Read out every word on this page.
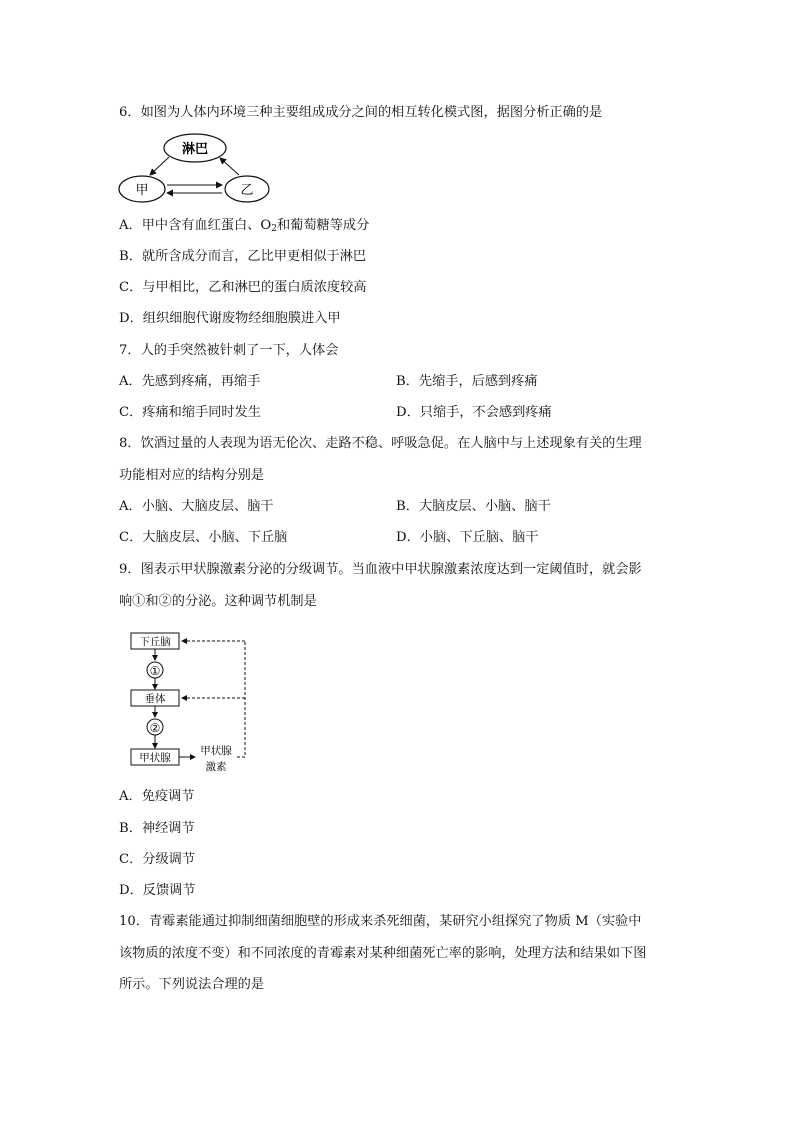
6．如图为人体内环境三种主要组成成分之间的相互转化模式图，据图分析正确的是
淋巴
甲	乙
A．甲中含有血红蛋白、$O_2$和葡萄糖等成分
B．就所含成分而言，乙比甲更相似于淋巴
C．与甲相比，乙和淋巴的蛋白质浓度较高
D．组织细胞代谢废物经细胞膜进入甲
7．人的手突然被针刺了一下，人体会
A．先感到疼痛，再缩手	B．先缩手，后感到疼痛
C．疼痛和缩手同时发生	D．只缩手，不会感到疼痛
8．饮酒过量的人表现为语无伦次、走路不稳、呼吸急促。在人脑中与上述现象有关的生理
功能相对应的结构分别是
A．小脑、大脑皮层、脑干	B．大脑皮层、小脑、脑干
C．大脑皮层、小脑、下丘脑	D．小脑、下丘脑、脑干
9．图表示甲状腺激素分泌的分级调节。当血液中甲状腺激素浓度达到一定阈值时，就会影
响①和②的分泌。这种调节机制是
下丘脑
①
垂体
②
甲状腺
甲状腺
激素
A．免疫调节
B．神经调节
C．分级调节
D．反馈调节
10．青霉素能通过抑制细菌细胞壁的形成来杀死细菌，某研究小组探究了物质 M（实验中
该物质的浓度不变）和不同浓度的青霉素对某种细菌死亡率的影响，处理方法和结果如下图
所示。下列说法合理的是
